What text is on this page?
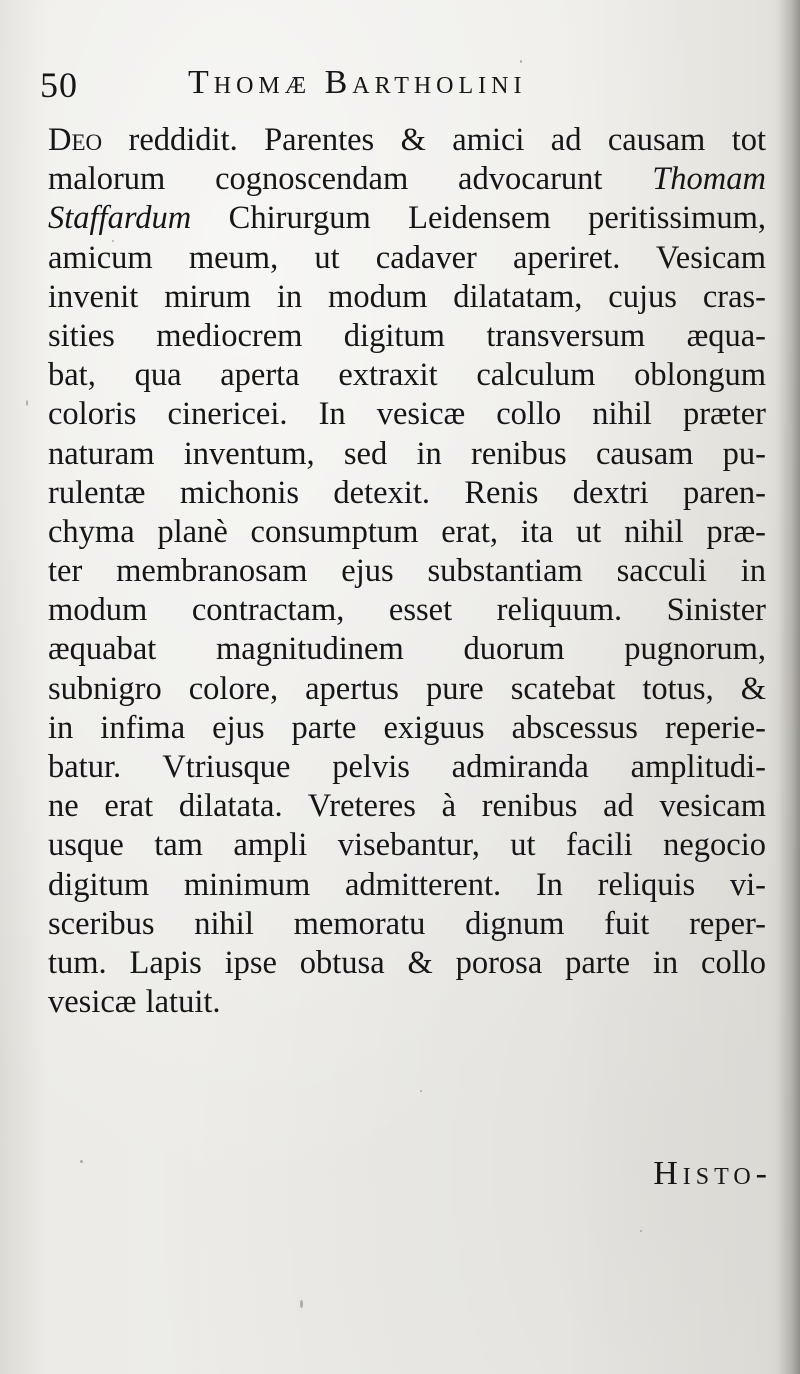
50	Thomæ Bartholini
Deo reddidit. Parentes & amici ad causam tot
malorum cognoscendam advocarunt Thomam
Staffardum Chirurgum Leidensem peritissimum,
amicum meum, ut cadaver aperiret. Vesicam
invenit mirum in modum dilatatam, cujus cras-
sities mediocrem digitum transversum æqua-
bat, qua aperta extraxit calculum oblongum
coloris cinericei. In vesicæ collo nihil præter
naturam inventum, sed in renibus causam pu-
rulentæ michonis detexit. Renis dextri paren-
chyma planè consumptum erat, ita ut nihil præ-
ter membranosam ejus substantiam sacculi in
modum contractam, esset reliquum. Sinister
æquabat magnitudinem duorum pugnorum,
subnigro colore, apertus pure scatebat totus, &
in infima ejus parte exiguus abscessus reperie-
batur. Vtriusque pelvis admiranda amplitudi-
ne erat dilatata. Vreteres à renibus ad vesicam
usque tam ampli visebantur, ut facili negocio
digitum minimum admitterent. In reliquis vi-
sceribus nihil memoratu dignum fuit reper-
tum. Lapis ipse obtusa & porosa parte in collo
vesicæ latuit.
Histo-
